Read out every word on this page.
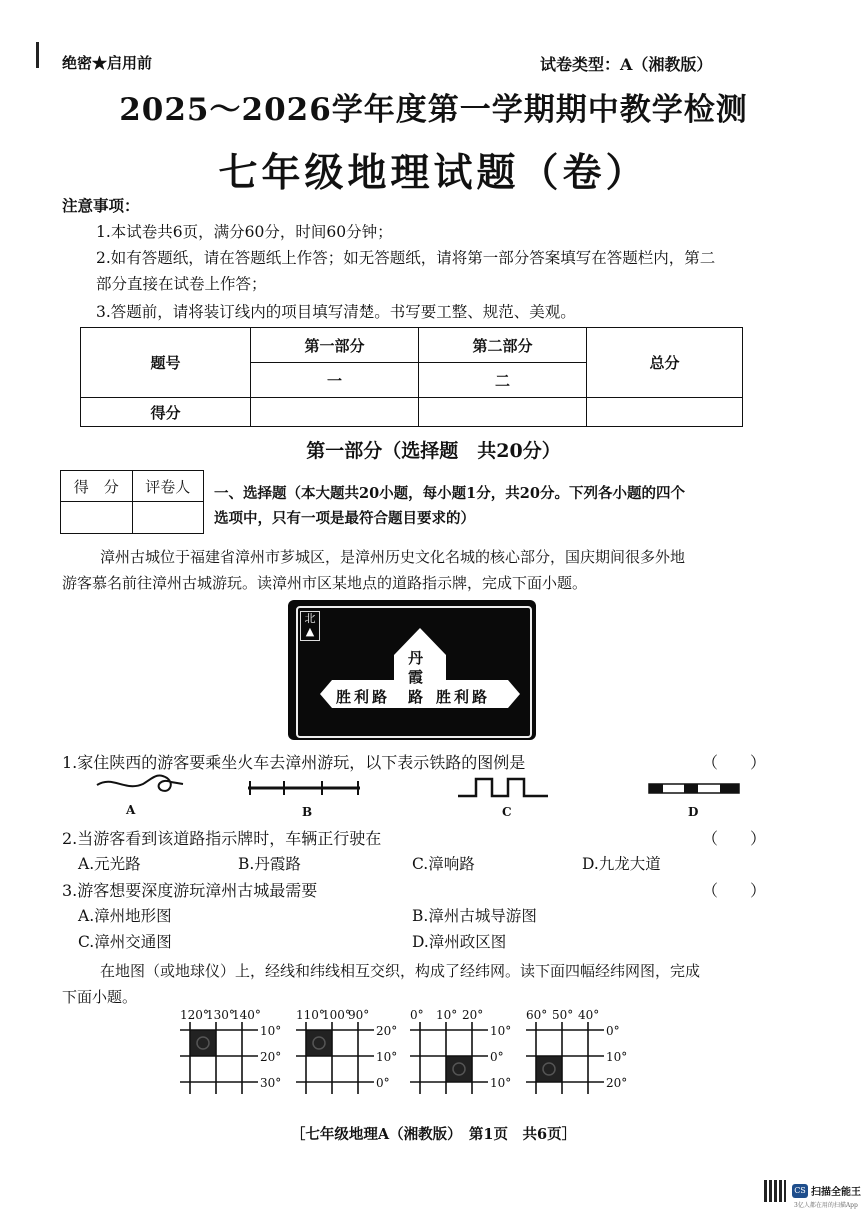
绝密★启用前	试卷类型：A（湘教版）
2025～2026学年度第一学期期中教学检测
七年级地理试题（卷）
注意事项：
1.本试卷共6页，满分60分，时间60分钟；
2.如有答题纸，请在答题纸上作答；如无答题纸，请将第一部分答案填写在答题栏内，第二
部分直接在试卷上作答；
3.答题前，请将装订线内的项目填写清楚。书写要工整、规范、美观。
题号	第一部分	第二部分	总分
	一	二	
得分			
第一部分（选择题　共20分）
得　分	评卷人
	一、选择题（本大题共20小题，每小题1分，共20分。下列各小题的四个
选项中，只有一项是最符合题目要求的）
漳州古城位于福建省漳州市芗城区，是漳州历史文化名城的核心部分，国庆期间很多外地
游客慕名前往漳州古城游玩。读漳州市区某地点的道路指示牌，完成下面小题。
北
▲
丹
霞
路
胜利路	胜利路
1.家住陕西的游客要乘坐火车去漳州游玩，以下表示铁路的图例是	（　　）
A	B	C	D
2.当游客看到该道路指示牌时，车辆正行驶在	（　　）
A.元光路	B.丹霞路	C.漳响路	D.九龙大道
3.游客想要深度游玩漳州古城最需要	（　　）
A.漳州地形图	B.漳州古城导游图
C.漳州交通图	D.漳州政区图
在地图（或地球仪）上，经线和纬线相互交织，构成了经纬网。读下面四幅经纬网图，完成
下面小题。
120°
130°
140°
10°
20°
30°
110°
100°
90°
20°
10°
0°
0° 10° 20°
10°
0°
10°
60° 50° 40°
0°
10°
20°
［七年级地理A（湘教版）　第1页　共6页］
CS 扫描全能王
3亿人都在用的扫描App
